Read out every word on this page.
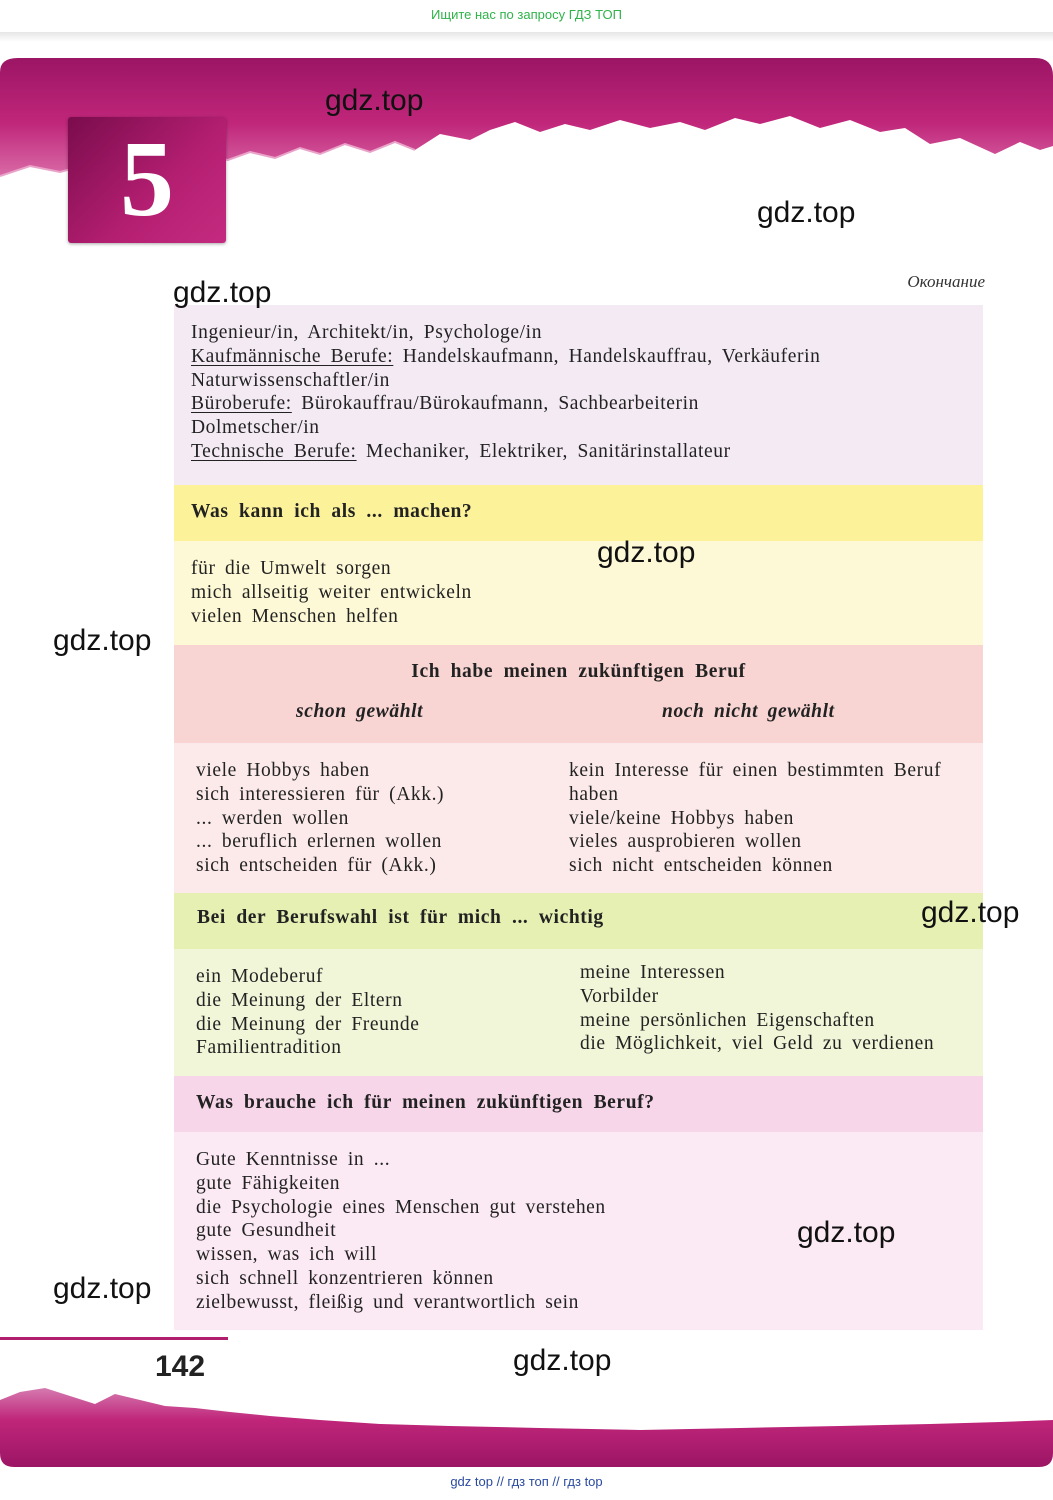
Ищите нас по запросу ГДЗ ТОП
5
Окончание
Ingenieur/in, Architekt/in, Psychologe/in
Kaufmännische Berufe: Handelskaufmann, Handelskauffrau, Verkäuferin
Naturwissenschaftler/in
Büroberufe: Bürokauffrau/Bürokaufmann, Sachbearbeiterin
Dolmetscher/in
Technische Berufe: Mechaniker, Elektriker, Sanitärinstallateur
Was kann ich als ... machen?
für die Umwelt sorgen
mich allseitig weiter entwickeln
vielen Menschen helfen
Ich habe meinen zukünftigen Beruf
schon gewählt	noch nicht gewählt
viele Hobbys haben
sich interessieren für (Akk.)
... werden wollen
... beruflich erlernen wollen
sich entscheiden für (Akk.)
kein Interesse für einen bestimmten Beruf
haben
viele/keine Hobbys haben
vieles ausprobieren wollen
sich nicht entscheiden können
Bei der Berufswahl ist für mich ... wichtig
ein Modeberuf
die Meinung der Eltern
die Meinung der Freunde
Familientradition
meine Interessen
Vorbilder
meine persönlichen Eigenschaften
die Möglichkeit, viel Geld zu verdienen
Was brauche ich für meinen zukünftigen Beruf?
Gute Kenntnisse in ...
gute Fähigkeiten
die Psychologie eines Menschen gut verstehen
gute Gesundheit
wissen, was ich will
sich schnell konzentrieren können
zielbewusst, fleißig und verantwortlich sein
142
gdz.top
gdz.top
gdz.top
gdz.top
gdz.top
gdz.top
gdz.top
gdz.top
gdz.top
gdz top // гдз топ // гдз top
